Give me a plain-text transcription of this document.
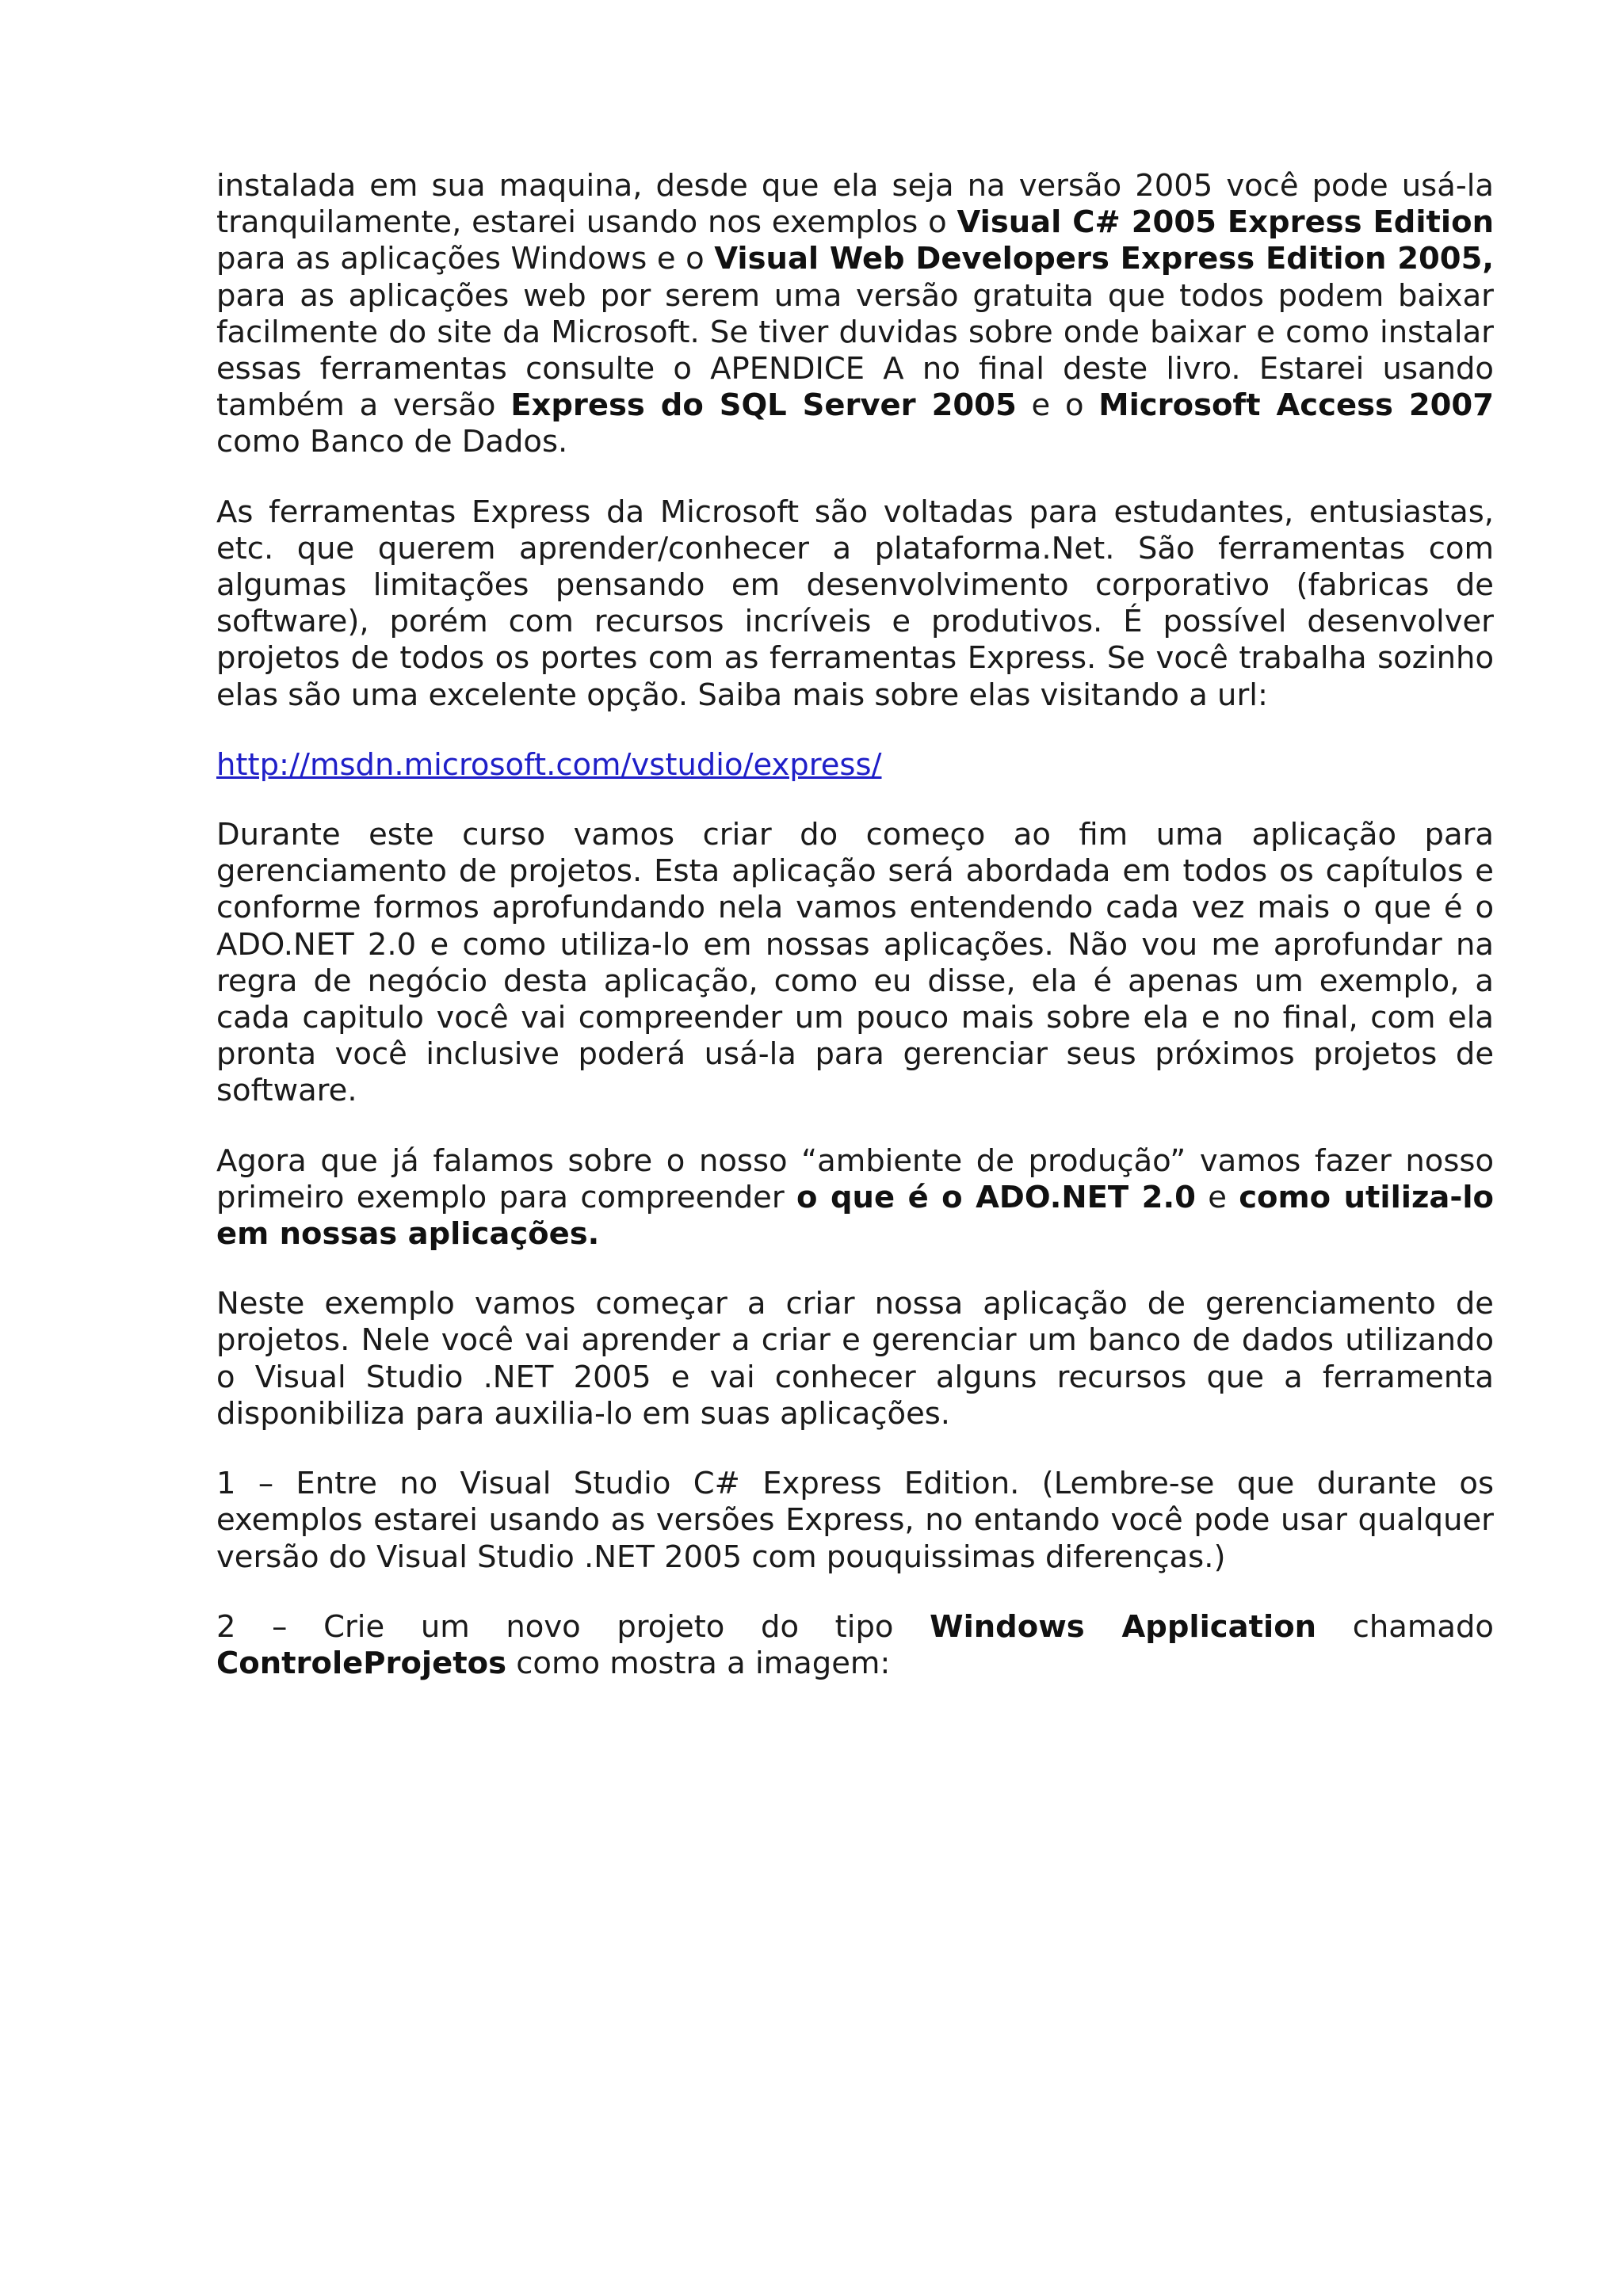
instalada em sua maquina, desde que ela seja na versão 2005 você pode usá-la tranquilamente, estarei usando nos exemplos o Visual C# 2005 Express Edition para as aplicações Windows e o Visual Web Developers Express Edition 2005, para as aplicações web por serem uma versão gratuita que todos podem baixar facilmente do site da Microsoft. Se tiver duvidas sobre onde baixar e como instalar essas ferramentas consulte o APENDICE A no final deste livro. Estarei usando também a versão Express do SQL Server 2005 e o Microsoft Access 2007 como Banco de Dados.

As ferramentas Express da Microsoft são voltadas para estudantes, entusiastas, etc. que querem aprender/conhecer a plataforma.Net. São ferramentas com algumas limitações pensando em desenvolvimento corporativo (fabricas de software), porém com recursos incríveis e produtivos. É possível desenvolver projetos de todos os portes com as ferramentas Express. Se você trabalha sozinho elas são uma excelente opção. Saiba mais sobre elas visitando a url:

http://msdn.microsoft.com/vstudio/express/

Durante este curso vamos criar do começo ao fim uma aplicação para gerenciamento de projetos. Esta aplicação será abordada em todos os capítulos e conforme formos aprofundando nela vamos entendendo cada vez mais o que é o ADO.NET 2.0 e como utiliza-lo em nossas aplicações. Não vou me aprofundar na regra de negócio desta aplicação, como eu disse, ela é apenas um exemplo, a cada capitulo você vai compreender um pouco mais sobre ela e no final, com ela pronta você inclusive poderá usá-la para gerenciar seus próximos projetos de software.

Agora que já falamos sobre o nosso “ambiente de produção” vamos fazer nosso primeiro exemplo para compreender o que é o ADO.NET 2.0 e como utiliza-lo em nossas aplicações.

Neste exemplo vamos começar a criar nossa aplicação de gerenciamento de projetos. Nele você vai aprender a criar e gerenciar um banco de dados utilizando o Visual Studio .NET 2005 e vai conhecer alguns recursos que a ferramenta disponibiliza para auxilia-lo em suas aplicações.

1 – Entre no Visual Studio C# Express Edition. (Lembre-se que durante os exemplos estarei usando as versões Express, no entando você pode usar qualquer versão do Visual Studio .NET 2005 com pouquissimas diferenças.)

2 – Crie um novo projeto do tipo Windows Application chamado ControleProjetos como mostra a imagem:
